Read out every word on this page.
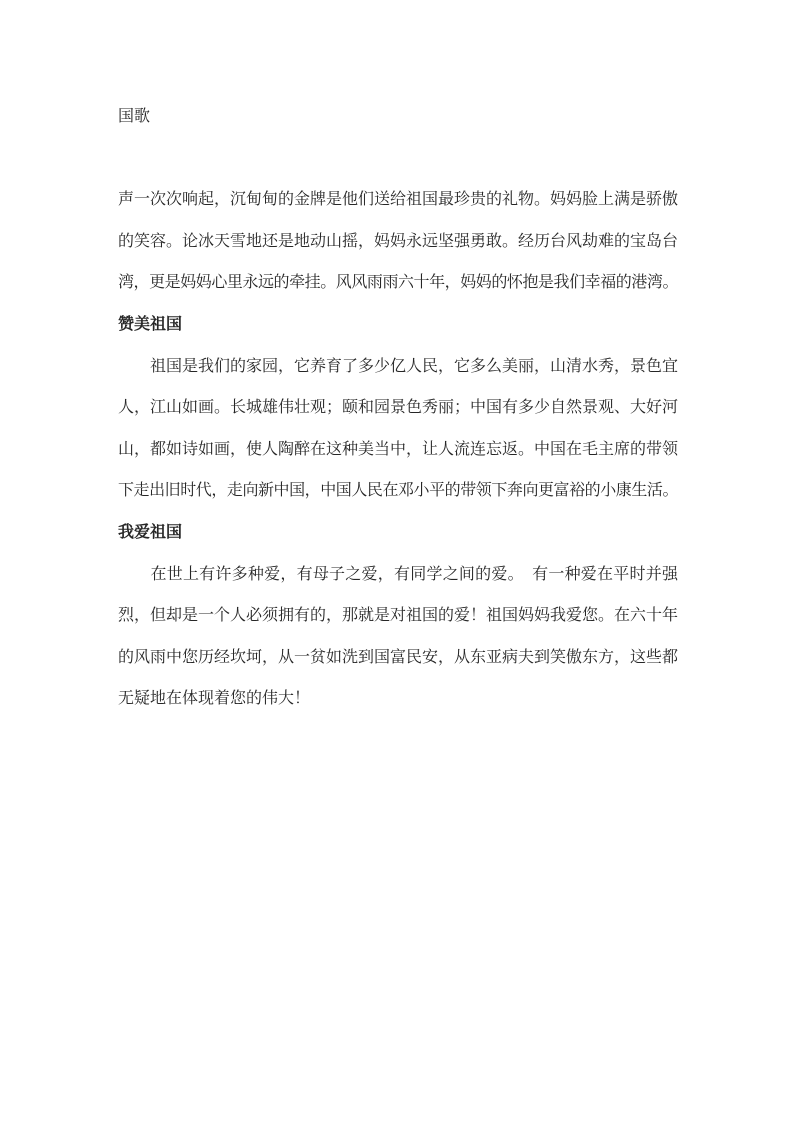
国歌
声一次次响起，沉甸甸的金牌是他们送给祖国最珍贵的礼物。妈妈脸上满是骄傲
的笑容。论冰天雪地还是地动山摇，妈妈永远坚强勇敢。经历台风劫难的宝岛台
湾，更是妈妈心里永远的牵挂。风风雨雨六十年，妈妈的怀抱是我们幸福的港湾。
赞美祖国
　　祖国是我们的家园，它养育了多少亿人民，它多么美丽，山清水秀，景色宜
人，江山如画。长城雄伟壮观；颐和园景色秀丽；中国有多少自然景观、大好河
山，都如诗如画，使人陶醉在这种美当中，让人流连忘返。中国在毛主席的带领
下走出旧时代，走向新中国，中国人民在邓小平的带领下奔向更富裕的小康生活。
我爱祖国
　　在世上有许多种爱，有母子之爱，有同学之间的爱。　有一种爱在平时并强
烈，但却是一个人必须拥有的，那就是对祖国的爱！祖国妈妈我爱您。在六十年
的风雨中您历经坎坷，从一贫如洗到国富民安，从东亚病夫到笑傲东方，这些都
无疑地在体现着您的伟大！
